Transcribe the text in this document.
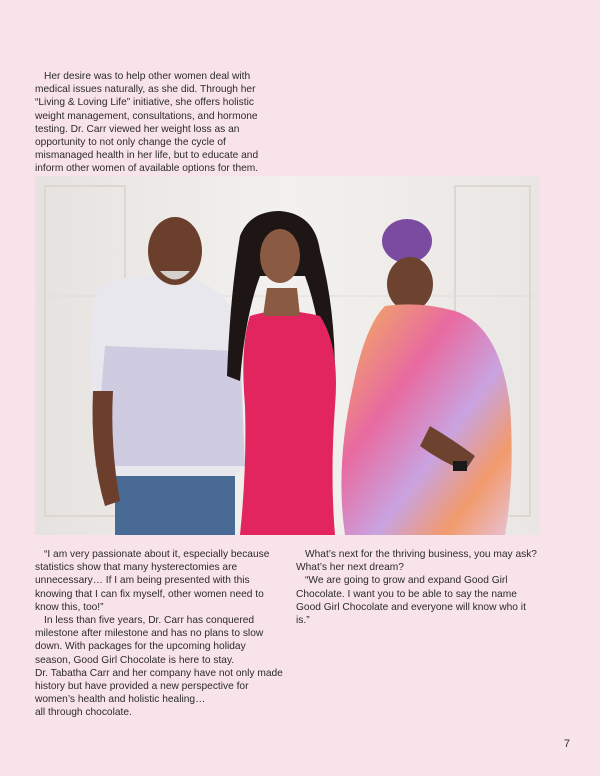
Her desire was to help other women deal with medical issues naturally, as she did. Through her “Living & Loving Life” initiative, she offers holistic weight management, consultations, and hormone testing. Dr. Carr viewed her weight loss as an opportunity to not only change the cycle of mismanaged health in her life, but to educate and inform other women of available options for them.

“I am very passionate about it, especially because statistics show that many hysterectomies are unnecessary… If I am being presented with this knowing that I can fix myself, other women need to know this, too!”

In less than five years, Dr. Carr has conquered milestone after milestone and has no plans to slow down. With packages for the upcoming holiday season, Good Girl Chocolate is here to stay.

Dr. Tabatha Carr and her company have not only made history but have provided a new perspective for women’s health and holistic healing…

all through chocolate.

What’s next for the thriving business, you may ask? What’s her next dream?

“We are going to grow and expand Good Girl Chocolate. I want you to be able to say the name Good Girl Chocolate and everyone will know who it is.”

7
